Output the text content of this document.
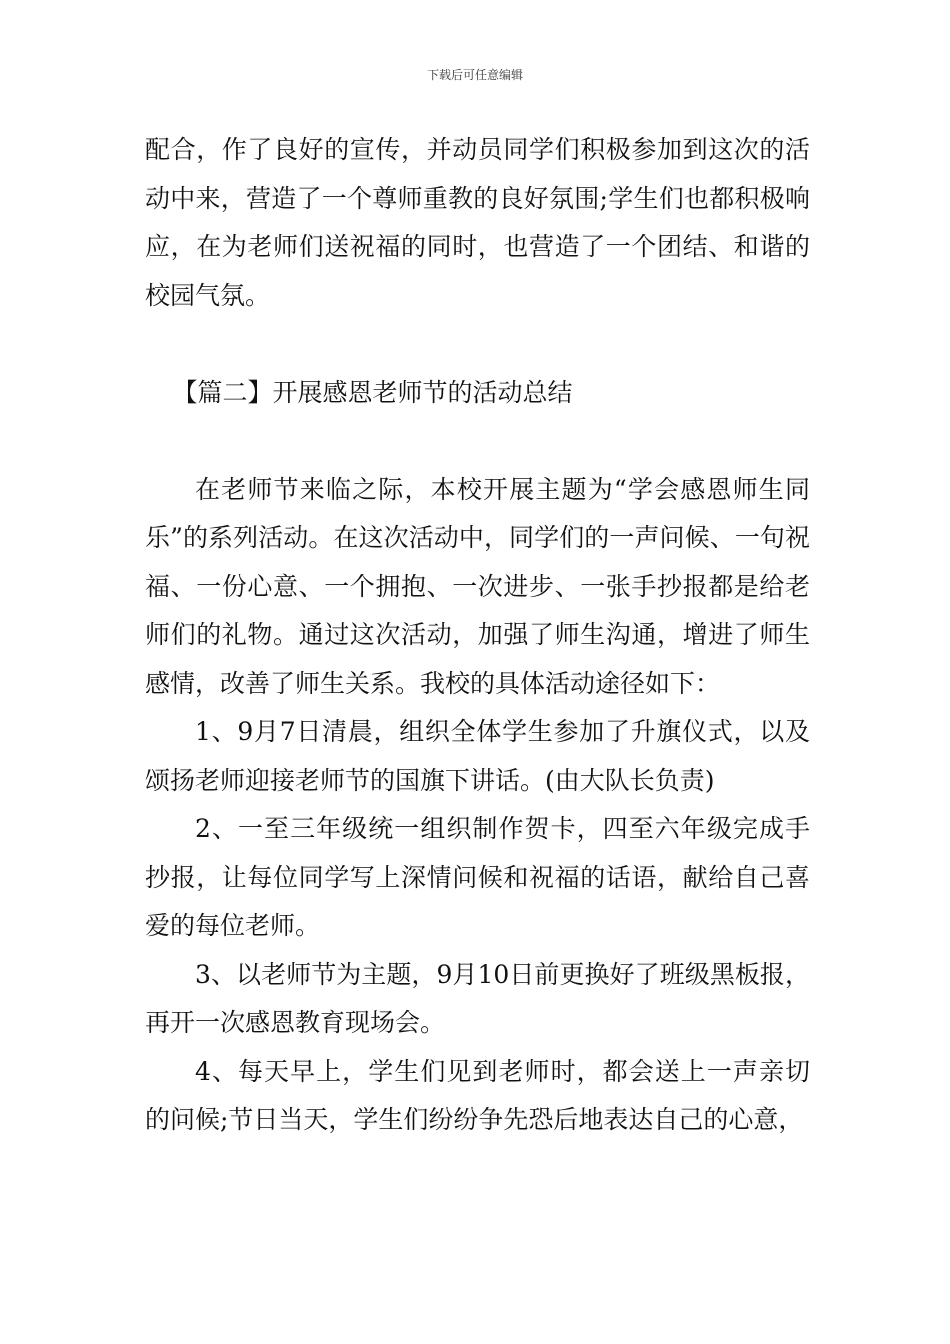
下载后可任意编辑

配合，作了良好的宣传，并动员同学们积极参加到这次的活动中来，营造了一个尊师重教的良好氛围;学生们也都积极响应，在为老师们送祝福的同时，也营造了一个团结、和谐的校园气氛。

【篇二】开展感恩老师节的活动总结

在老师节来临之际，本校开展主题为“学会感恩师生同乐”的系列活动。在这次活动中，同学们的一声问候、一句祝福、一份心意、一个拥抱、一次进步、一张手抄报都是给老师们的礼物。通过这次活动，加强了师生沟通，增进了师生感情，改善了师生关系。我校的具体活动途径如下：

1、9月7日清晨，组织全体学生参加了升旗仪式，以及颂扬老师迎接老师节的国旗下讲话。(由大队长负责)

2、一至三年级统一组织制作贺卡，四至六年级完成手抄报，让每位同学写上深情问候和祝福的话语，献给自己喜爱的每位老师。

3、以老师节为主题，9月10日前更换好了班级黑板报，再开一次感恩教育现场会。

4、每天早上，学生们见到老师时，都会送上一声亲切的问候;节日当天，学生们纷纷争先恐后地表达自己的心意，
